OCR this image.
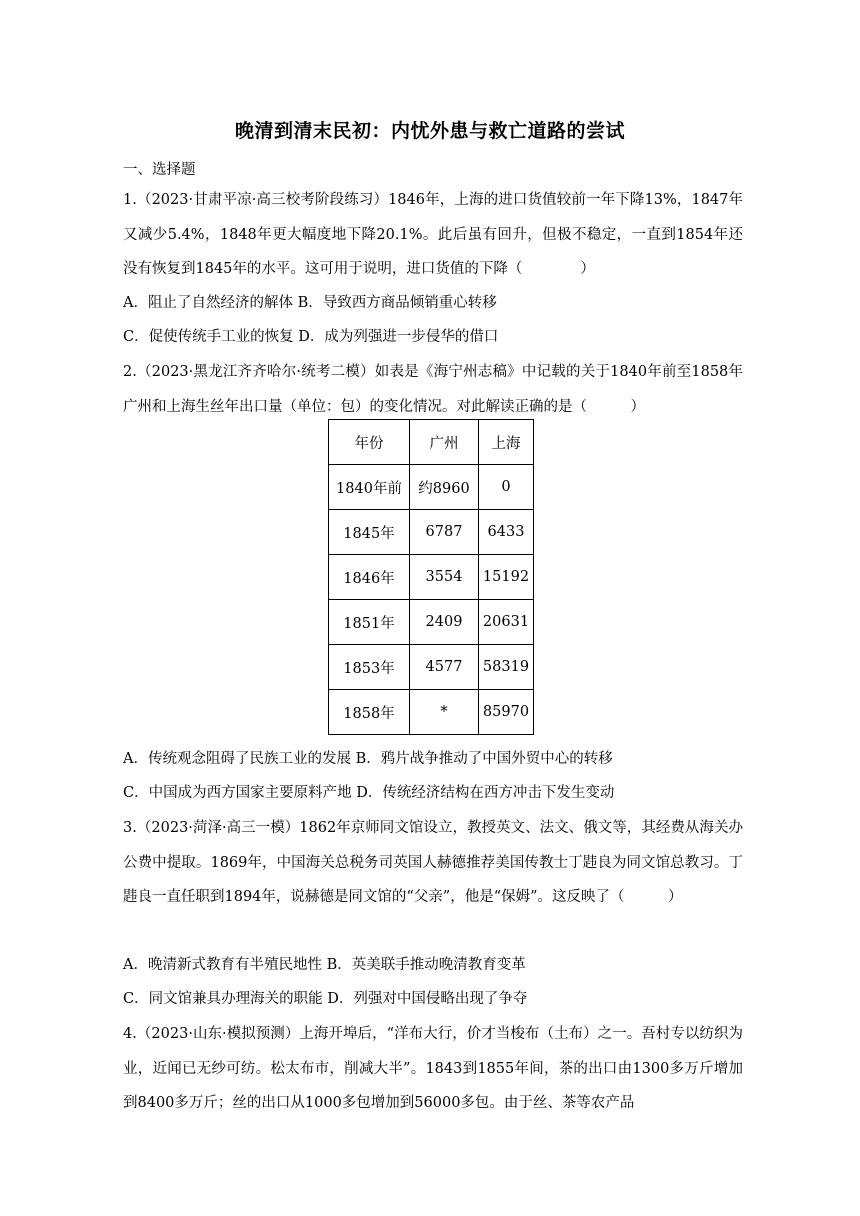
晚清到清末民初：内忧外患与救亡道路的尝试
一、选择题
1.（2023·甘肃平凉·高三校考阶段练习）1846年，上海的进口货值较前一年下降13%，1847年又减少5.4%，1848年更大幅度地下降20.1%。此后虽有回升，但极不稳定，一直到1854年还没有恢复到1845年的水平。这可用于说明，进口货值的下降（　　　　）
A．阻止了自然经济的解体 B．导致西方商品倾销重心转移
C．促使传统手工业的恢复 D．成为列强进一步侵华的借口
2.（2023·黑龙江齐齐哈尔·统考二模）如表是《海宁州志稿》中记载的关于1840年前至1858年广州和上海生丝年出口量（单位：包）的变化情况。对此解读正确的是（　　　）
年份	广州	上海
1840年前	约8960	0
1845年	6787	6433
1846年	3554	15192
1851年	2409	20631
1853年	4577	58319
1858年	*	85970
A．传统观念阻碍了民族工业的发展 B．鸦片战争推动了中国外贸中心的转移
C．中国成为西方国家主要原料产地 D．传统经济结构在西方冲击下发生变动
3.（2023·菏泽·高三一模）1862年京师同文馆设立，教授英文、法文、俄文等，其经费从海关办公费中提取。1869年，中国海关总税务司英国人赫德推荐美国传教士丁韪良为同文馆总教习。丁韪良一直任职到1894年，说赫德是同文馆的“父亲”，他是“保姆”。这反映了（　　　）
A．晚清新式教育有半殖民地性 B．英美联手推动晚清教育变革
C．同文馆兼具办理海关的职能 D．列强对中国侵略出现了争夺
4.（2023·山东·模拟预测）上海开埠后，“洋布大行，价才当梭布（土布）之一。吾村专以纺织为业，近闻已无纱可纺。松太布市，削减大半”。1843到1855年间，茶的出口由1300多万斤增加到8400多万斤；丝的出口从1000多包增加到56000多包。由于丝、茶等农产品
